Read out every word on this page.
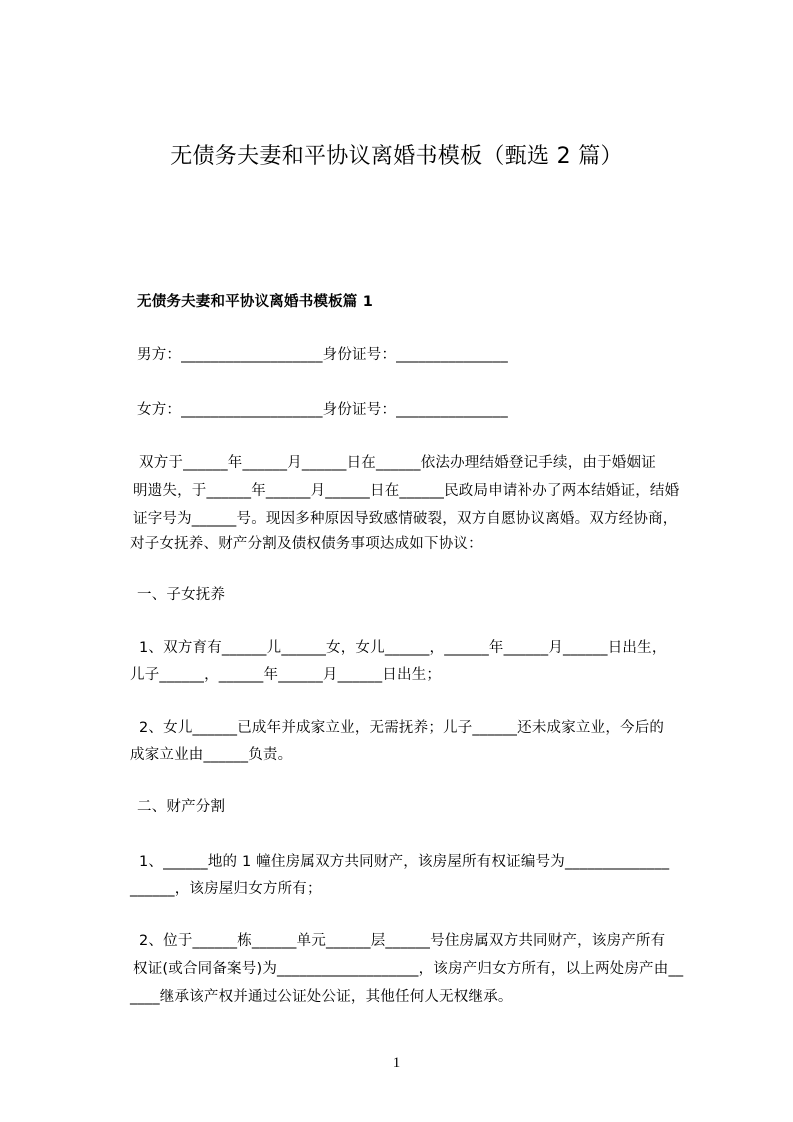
无债务夫妻和平协议离婚书模板（甄选 2 篇）
无债务夫妻和平协议离婚书模板篇 1
男方：___________________身份证号：_______________
女方：___________________身份证号：_______________
双方于______年______月______日在______依法办理结婚登记手续，由于婚姻证
明遗失，于______年______月______日在______民政局申请补办了两本结婚证，结婚
证字号为______号。现因多种原因导致感情破裂，双方自愿协议离婚。双方经协商，
对子女抚养、财产分割及债权债务事项达成如下协议：
一、子女抚养
1、双方育有______儿______女，女儿______，______年______月______日出生，
儿子______，______年______月______日出生；
2、女儿______已成年并成家立业，无需抚养；儿子______还未成家立业，今后的
成家立业由______负责。
二、财产分割
1、______地的 1 幢住房属双方共同财产，该房屋所有权证编号为______________
______，该房屋归女方所有；
2、位于______栋______单元______层______号住房属双方共同财产，该房产所有
权证(或合同备案号)为___________________，该房产归女方所有，以上两处房产由__
____继承该产权并通过公证处公证，其他任何人无权继承。
1
